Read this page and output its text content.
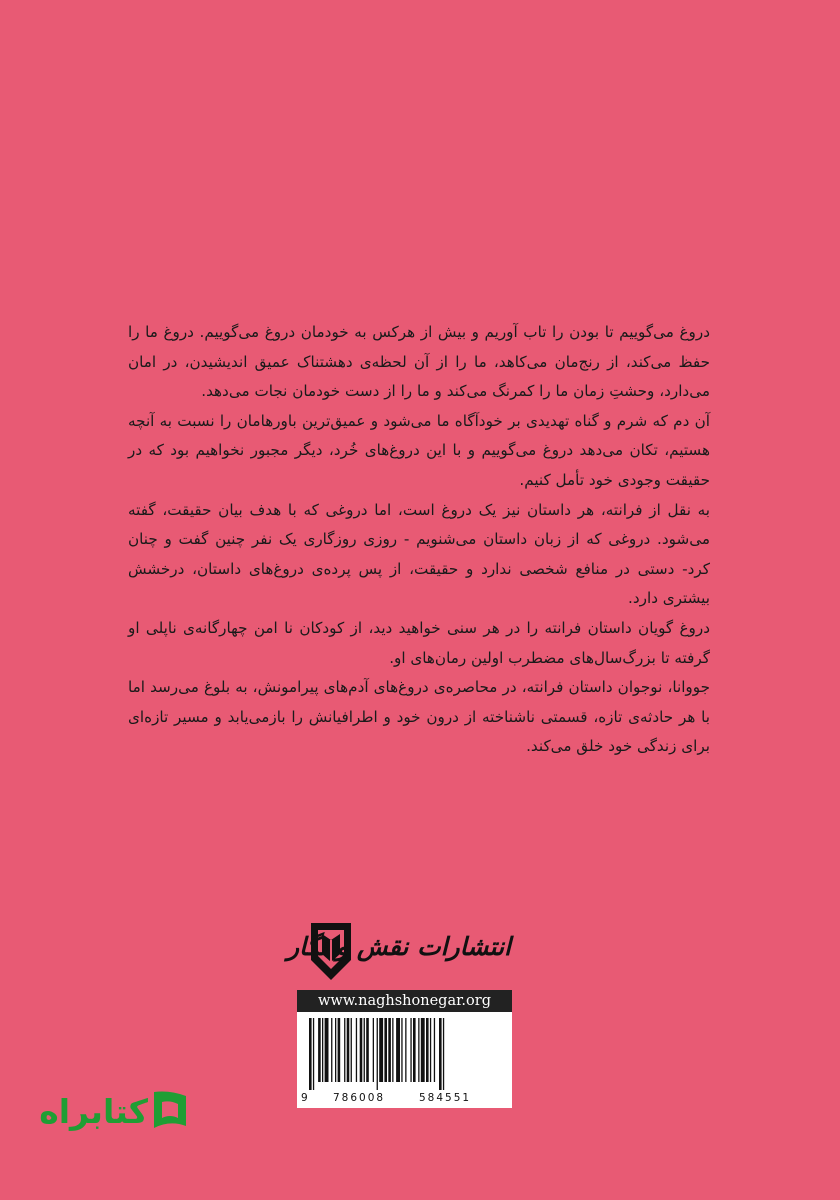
دروغ می‌گوییم تا بودن را تاب آوریم و بیش از هرکس به خودمان دروغ می‌گوییم. دروغ ما را حفظ می‌کند، از رنج‌مان می‌کاهد، ما را از آن لحظه‌ی دهشتناک عمیق اندیشیدن، در امان می‌دارد، وحشتِ زمان ما را کمرنگ می‌کند و ما را از دست خودمان نجات می‌دهد.

آن دم که شرم و گناه تهدیدی بر خودآگاه ما می‌شود و عمیق‌ترین باورهامان را نسبت به آنچه هستیم، تکان می‌دهد دروغ می‌گوییم و با این دروغ‌های خُرد، دیگر مجبور نخواهیم بود که در حقیقت وجودی خود تأمل کنیم.

به نقل از فرانته، هر داستان نیز یک دروغ است، اما دروغی که با هدف بیان حقیقت، گفته می‌شود. دروغی که از زبان داستان می‌شنویم - روزی روزگاری یک نفر چنین گفت و چنان کرد- دستی در منافع شخصی ندارد و حقیقت، از پس پرده‌ی دروغ‌های داستان، درخشش بیشتری دارد.

دروغ گویان داستان فرانته را در هر سنی خواهید دید، از کودکان نا امن چهارگانه‌ی ناپلی او گرفته تا بزرگ‌سال‌های مضطرب اولین رمان‌های او.

جووانا، نوجوان داستان فرانته، در محاصره‌ی دروغ‌های آدم‌های پیرامونش، به بلوغ می‌رسد اما با هر حادثه‌ی تازه، قسمتی ناشناخته از درون خود و اطرافیانش را بازمی‌یابد و مسیر تازه‌ای برای زندگی خود خلق می‌کند.

انتشارات نقش و نگار
www.naghshonegar.org
9 786008	584551
کتابراه
